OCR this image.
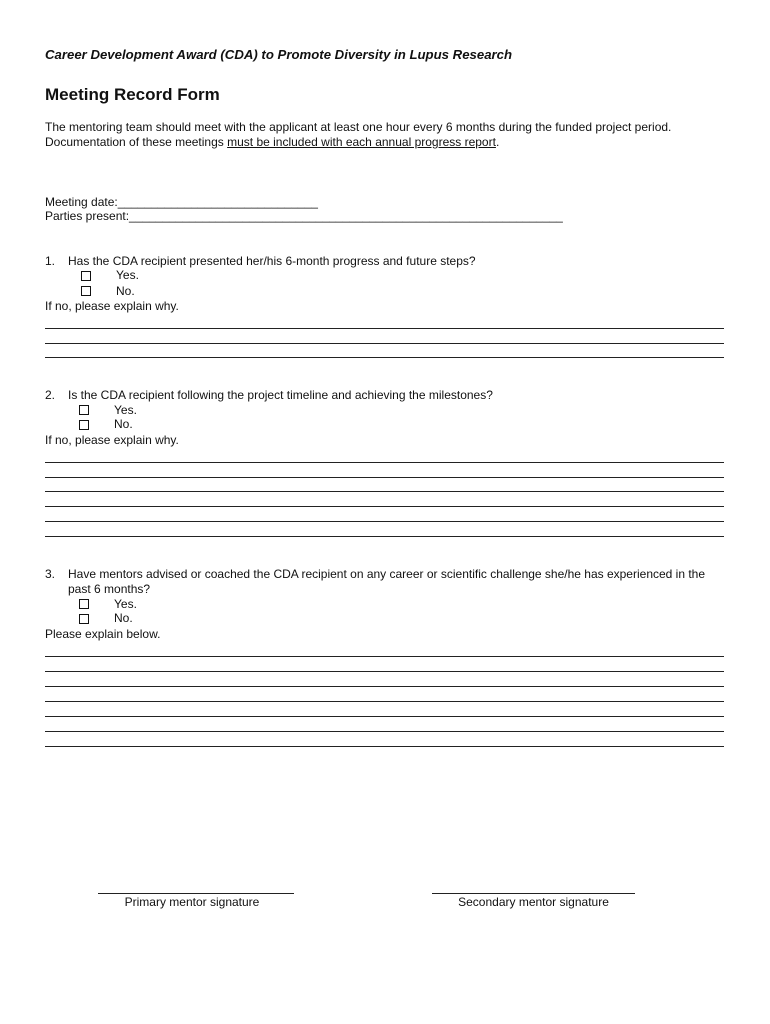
Career Development Award (CDA) to Promote Diversity in Lupus Research
Meeting Record Form
The mentoring team should meet with the applicant at least one hour every 6 months during the funded project period.
Documentation of these meetings must be included with each annual progress report.
Meeting date:______________________________
Parties present:_________________________________________________________________
1. Has the CDA recipient presented her/his 6-month progress and future steps?
Yes.
No.
If no, please explain why.
2. Is the CDA recipient following the project timeline and achieving the milestones?
Yes.
No.
If no, please explain why.
3. Have mentors advised or coached the CDA recipient on any career or scientific challenge she/he has experienced in the past 6 months?
Yes.
No.
Please explain below.
Primary mentor signature	Secondary mentor signature
